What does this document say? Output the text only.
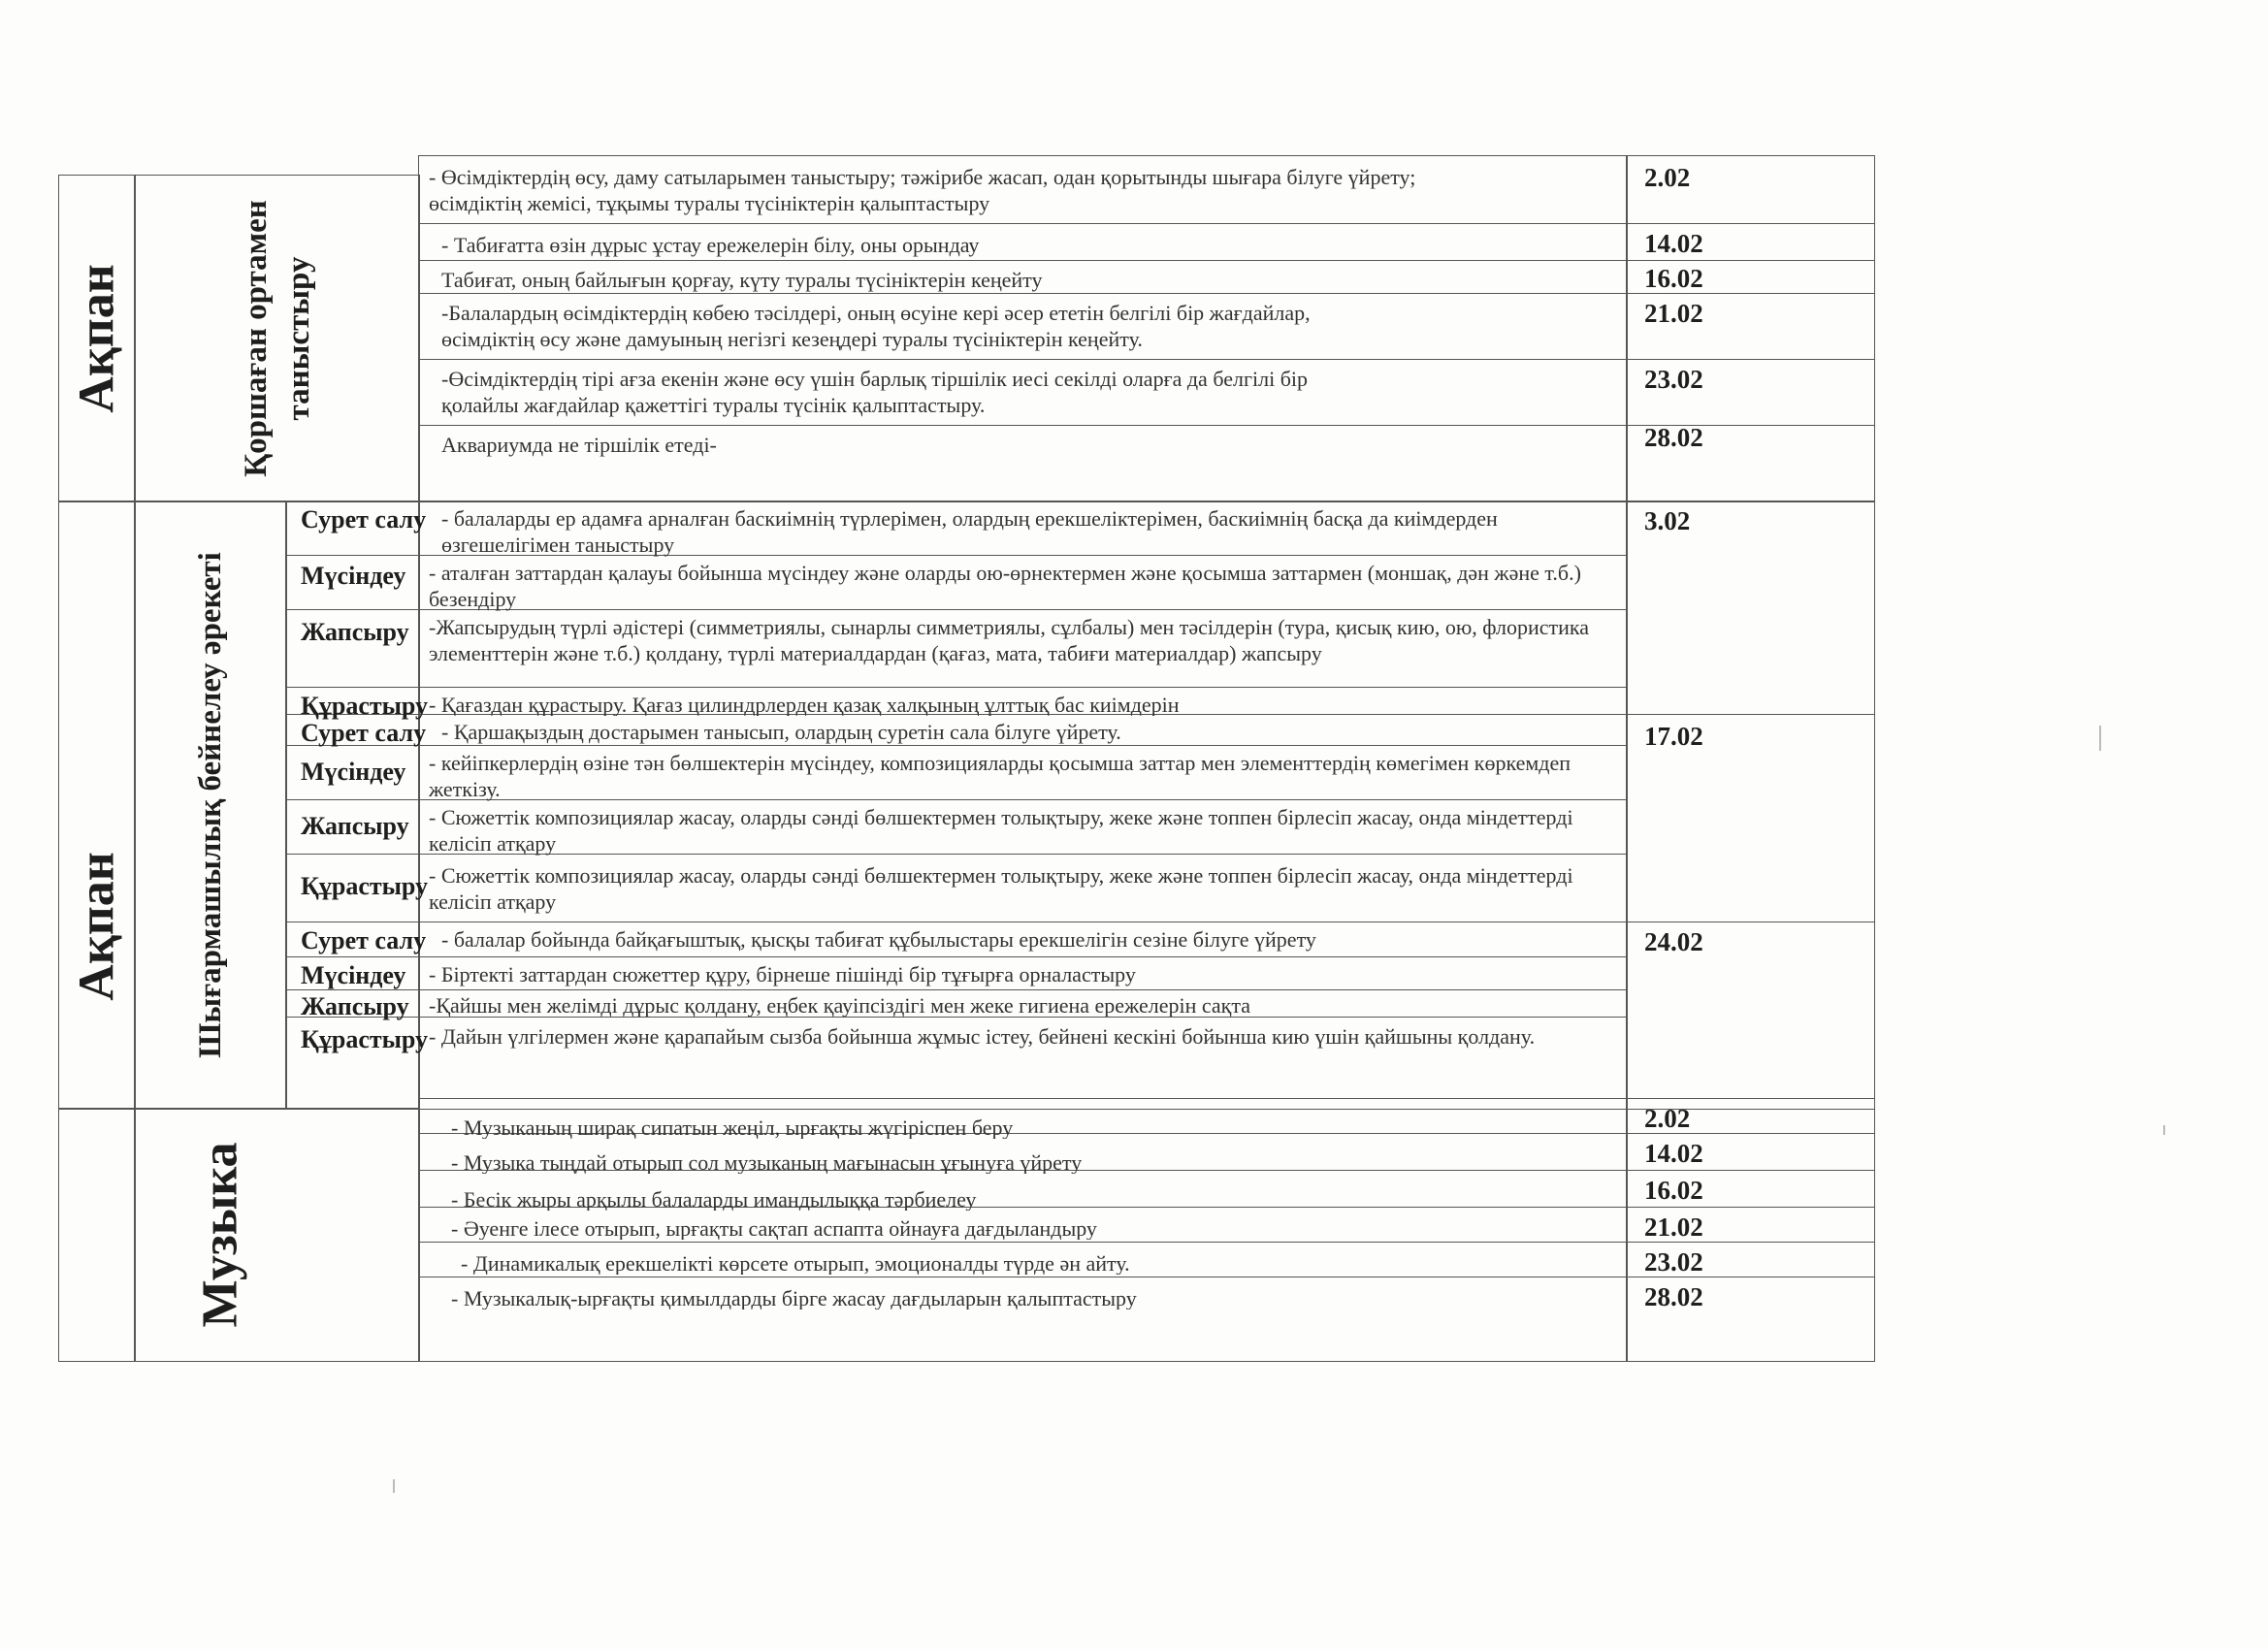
Ақпан	Қоршаған ортамен таныстыру
- Өсімдіктердің өсу, даму сатыларымен таныстыру; тәжірибе жасап, одан қорытынды шығара білуге үйрету; өсімдіктің жемісі, тұқымы туралы түсініктерін қалыптастыру
2.02
- Табиғатта өзін дұрыс ұстау ережелерін білу, оны орындау	14.02
Табиғат, оның байлығын қорғау, күту туралы түсініктерін кеңейту	16.02
-Балалардың өсімдіктердің көбею тәсілдері, оның өсуіне кері әсер ететін белгілі бір жағдайлар, өсімдіктің өсу және дамуының негізгі кезеңдері туралы түсініктерін кеңейту.
21.02
-Өсімдіктердің тірі ағза екенін және өсу үшін барлық тіршілік иесі секілді оларға да белгілі бір қолайлы жағдайлар қажеттігі туралы түсінік қалыптастыру.
23.02
Аквариумда не тіршілік етеді-	28.02
Ақпан Шығармашылық бейнелеу әрекеті
Сурет салу - балаларды ер адамға арналған баскиімнің түрлерімен, олардың ерекшеліктерімен, баскиімнің басқа да киімдерден өзгешелігімен таныстыру
Мүсіндеу	- аталған заттардан қалауы бойынша мүсіндеу және оларды ою-өрнектермен және қосымша заттармен (моншақ, дән және т.б.) безендіру
Жапсыру -Жапсырудың түрлі әдістері (симметриялы, сынарлы симметриялы, сұлбалы) мен тәсілдерін (тура, қисық кию, ою, флористика элементтерін және т.б.) қолдану, түрлі материалдардан (қағаз, мата, табиғи материалдар) жапсыру
Құрастыру - Қағаздан құрастыру. Қағаз цилиндрлерден қазақ халқының ұлттық бас киімдерін
3.02
Сурет салу - Қаршақыздың достарымен танысып, олардың суретін сала білуге үйрету.
Мүсіндеу	- кейіпкерлердің өзіне тән бөлшектерін мүсіндеу, композицияларды қосымша заттар мен элементтердің көмегімен көркемдеп жеткізу.
Жапсыру - Сюжеттік композициялар жасау, оларды сәнді бөлшектермен толықтыру, жеке және топпен бірлесіп жасау, онда міндеттерді келісіп атқару
Құрастыру - Сюжеттік композициялар жасау, оларды сәнді бөлшектермен толықтыру, жеке және топпен бірлесіп жасау, онда міндеттерді келісіп атқару
17.02
Сурет салу - балалар бойында байқағыштық, қысқы табиғат құбылыстары ерекшелігін сезіне білуге үйрету
Мүсіндеу	- Біртекті заттардан сюжеттер құру, бірнеше пішінді бір тұғырға орналастыру
Жапсыру -Қайшы мен желімді дұрыс қолдану, еңбек қауіпсіздігі мен жеке гигиена ережелерін сақта
Құрастыру - Дайын үлгілермен және қарапайым сызба бойынша жұмыс істеу, бейнені кескіні бойынша кию үшін қайшыны қолдану.
24.02
Музыка
- Музыканың ширақ сипатын жеңіл, ырғақты жүгіріспен беру	2.02
- Музыка тыңдай отырып сол музыканың мағынасын ұғынуға үйрету	14.02
- Бесік жыры арқылы балаларды имандылыққа тәрбиелеу	16.02
- Әуенге ілесе отырып, ырғақты сақтап аспапта ойнауға дағдыландыру	21.02
- Динамикалық ерекшелікті көрсете отырып, эмоционалды түрде ән айту.	23.02
- Музыкалық-ырғақты қимылдарды бірге жасау дағдыларын қалыптастыру	28.02
